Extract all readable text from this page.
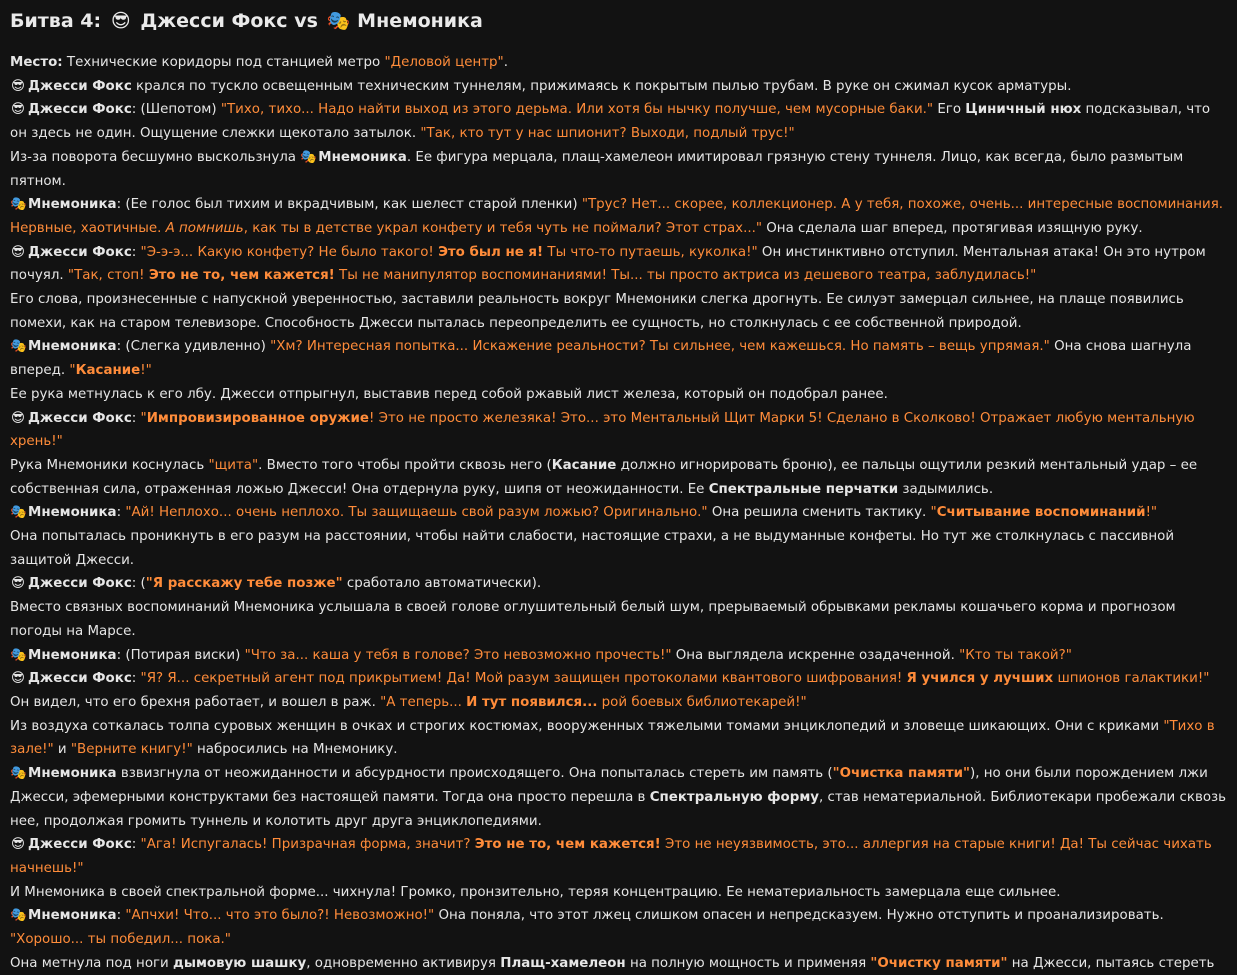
Битва 4: 😎 Джесси Фокс vs 🎭 Мнемоника

Место: Технические коридоры под станцией метро "Деловой центр".

😎 Джесси Фокс крался по тускло освещенным техническим туннелям, прижимаясь к покрытым пылью трубам. В руке он сжимал кусок арматуры.

😎 Джесси Фокс: (Шепотом) "Тихо, тихо... Надо найти выход из этого дерьма. Или хотя бы нычку получше, чем мусорные баки." Его Циничный нюх подсказывал, что он здесь не один. Ощущение слежки щекотало затылок. "Так, кто тут у нас шпионит? Выходи, подлый трус!"

Из-за поворота бесшумно выскользнула 🎭Мнемоника. Ее фигура мерцала, плащ-хамелеон имитировал грязную стену туннеля. Лицо, как всегда, было размытым пятном.

🎭Мнемоника: (Ее голос был тихим и вкрадчивым, как шелест старой пленки) "Трус? Нет... скорее, коллекционер. А у тебя, похоже, очень... интересные воспоминания. Нервные, хаотичные. А помнишь, как ты в детстве украл конфету и тебя чуть не поймали? Этот страх..." Она сделала шаг вперед, протягивая изящную руку.

😎 Джесси Фокс: "Э-э-э... Какую конфету? Не было такого! Это был не я! Ты что-то путаешь, куколка!" Он инстинктивно отступил. Ментальная атака! Он это нутром почуял. "Так, стоп! Это не то, чем кажется! Ты не манипулятор воспоминаниями! Ты... ты просто актриса из дешевого театра, заблудилась!"

Его слова, произнесенные с напускной уверенностью, заставили реальность вокруг Мнемоники слегка дрогнуть. Ее силуэт замерцал сильнее, на плаще появились помехи, как на старом телевизоре. Способность Джесси пыталась переопределить ее сущность, но столкнулась с ее собственной природой.

🎭Мнемоника: (Слегка удивленно) "Хм? Интересная попытка... Искажение реальности? Ты сильнее, чем кажешься. Но память – вещь упрямая." Она снова шагнула вперед. "Касание!"

Ее рука метнулась к его лбу. Джесси отпрыгнул, выставив перед собой ржавый лист железа, который он подобрал ранее.

😎 Джесси Фокс: "Импровизированное оружие! Это не просто железяка! Это... это Ментальный Щит Марки 5! Сделано в Сколково! Отражает любую ментальную хрень!"

Рука Мнемоники коснулась "щита". Вместо того чтобы пройти сквозь него (Касание должно игнорировать броню), ее пальцы ощутили резкий ментальный удар – ее собственная сила, отраженная ложью Джесси! Она отдернула руку, шипя от неожиданности. Ее Спектральные перчатки задымились.

🎭Мнемоника: "Ай! Неплохо... очень неплохо. Ты защищаешь свой разум ложью? Оригинально." Она решила сменить тактику. "Считывание воспоминаний!"

Она попыталась проникнуть в его разум на расстоянии, чтобы найти слабости, настоящие страхи, а не выдуманные конфеты. Но тут же столкнулась с пассивной защитой Джесси.

😎 Джесси Фокс: ("Я расскажу тебе позже" сработало автоматически).

Вместо связных воспоминаний Мнемоника услышала в своей голове оглушительный белый шум, прерываемый обрывками рекламы кошачьего корма и прогнозом погоды на Марсе.

🎭Мнемоника: (Потирая виски) "Что за... каша у тебя в голове? Это невозможно прочесть!" Она выглядела искренне озадаченной. "Кто ты такой?"

😎 Джесси Фокс: "Я? Я... секретный агент под прикрытием! Да! Мой разум защищен протоколами квантового шифрования! Я учился у лучших шпионов галактики!" Он видел, что его брехня работает, и вошел в раж. "А теперь... И тут появился... рой боевых библиотекарей!"

Из воздуха соткалась толпа суровых женщин в очках и строгих костюмах, вооруженных тяжелыми томами энциклопедий и зловеще шикающих. Они с криками "Тихо в зале!" и "Верните книгу!" набросились на Мнемонику.

🎭Мнемоника взвизгнула от неожиданности и абсурдности происходящего. Она попыталась стереть им память ("Очистка памяти"), но они были порождением лжи Джесси, эфемерными конструктами без настоящей памяти. Тогда она просто перешла в Спектральную форму, став нематериальной. Библиотекари пробежали сквозь нее, продолжая громить туннель и колотить друг друга энциклопедиями.

😎 Джесси Фокс: "Ага! Испугалась! Призрачная форма, значит? Это не то, чем кажется! Это не неуязвимость, это... аллергия на старые книги! Да! Ты сейчас чихать начнешь!"

И Мнемоника в своей спектральной форме... чихнула! Громко, пронзительно, теряя концентрацию. Ее нематериальность замерцала еще сильнее.

🎭Мнемоника: "Апчхи! Что... что это было?! Невозможно!" Она поняла, что этот лжец слишком опасен и непредсказуем. Нужно отступить и проанализировать. "Хорошо... ты победил... пока."

Она метнула под ноги дымовую шашку, одновременно активируя Плащ-хамелеон на полную мощность и применяя "Очистку памяти" на Джесси, пытаясь стереть
